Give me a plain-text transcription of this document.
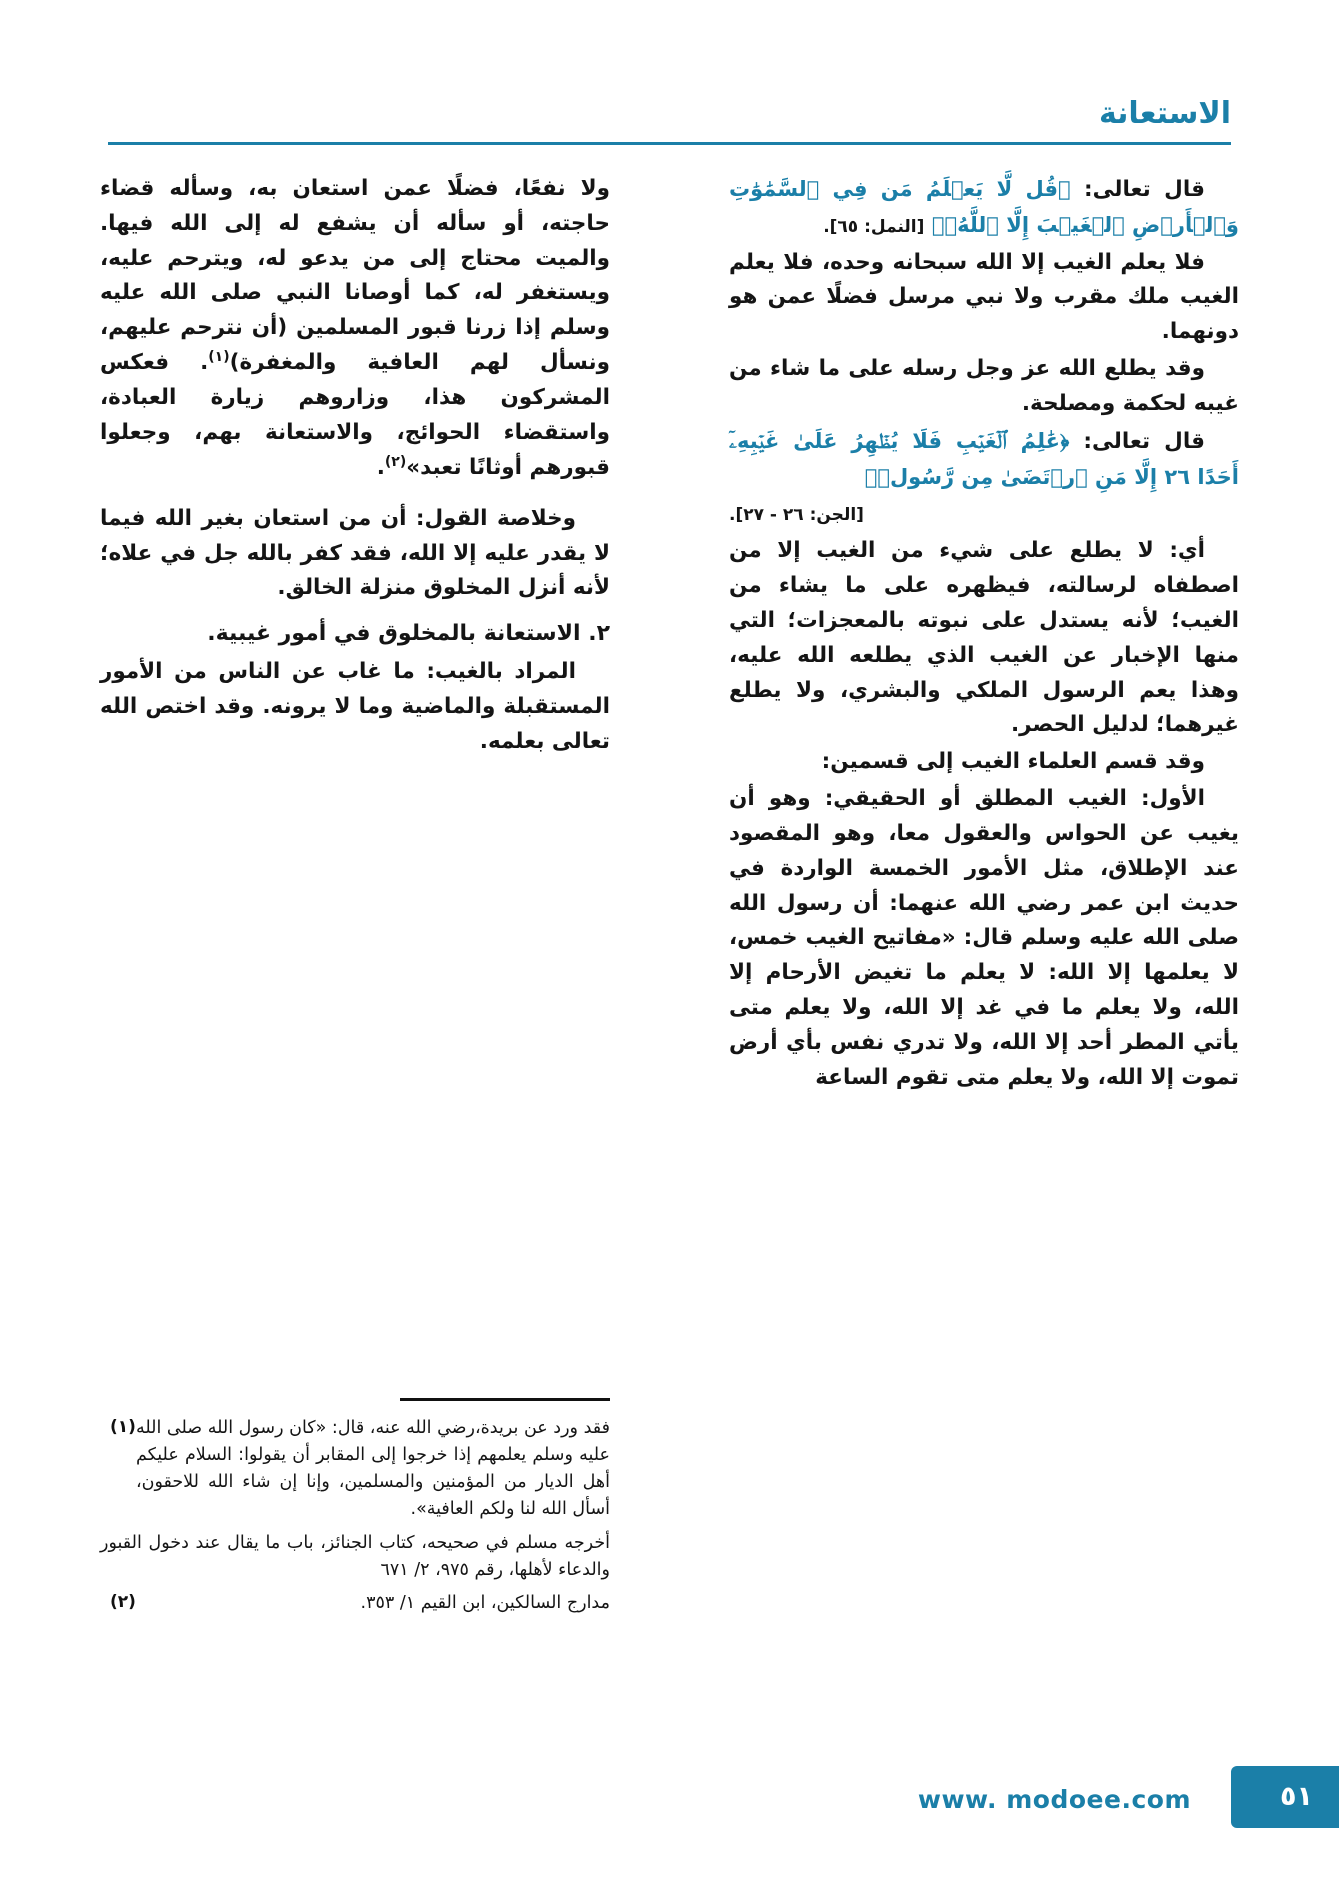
الاستعانة

قال تعالى: ﴿قُل لَّا يَعۡلَمُ مَن فِي ٱلسَّمَٰوَٰتِ وَٱلۡأَرۡضِ ٱلۡغَيۡبَ إِلَّا ٱللَّهُۚ﴾ [النمل: ٦٥].

فلا يعلم الغيب إلا الله سبحانه وحده، فلا يعلم الغيب ملك مقرب ولا نبي مرسل فضلًا عمن هو دونهما.

وقد يطلع الله عز وجل رسله على ما شاء من غيبه لحكمة ومصلحة.

قال تعالى: ﴿عَٰلِمُ ٱلۡغَيۡبِ فَلَا يُظۡهِرُ عَلَىٰ غَيۡبِهِۦٓ أَحَدًا ٢٦ إِلَّا مَنِ ٱرۡتَضَىٰ مِن رَّسُولٖ﴾

[الجن: ٢٦ - ٢٧].

أي: لا يطلع على شيء من الغيب إلا من اصطفاه لرسالته، فيظهره على ما يشاء من الغيب؛ لأنه يستدل على نبوته بالمعجزات؛ التي منها الإخبار عن الغيب الذي يطلعه الله عليه، وهذا يعم الرسول الملكي والبشري، ولا يطلع غيرهما؛ لدليل الحصر.

وقد قسم العلماء الغيب إلى قسمين:

الأول: الغيب المطلق أو الحقيقي: وهو أن يغيب عن الحواس والعقول معا، وهو المقصود عند الإطلاق، مثل الأمور الخمسة الواردة في حديث ابن عمر رضي الله عنهما: أن رسول الله صلى الله عليه وسلم قال: «مفاتيح الغيب خمس، لا يعلمها إلا الله: لا يعلم ما تغيض الأرحام إلا الله، ولا يعلم ما في غد إلا الله، ولا يعلم متى يأتي المطر أحد إلا الله، ولا تدري نفس بأي أرض تموت إلا الله، ولا يعلم متى تقوم الساعة

ولا نفعًا، فضلًا عمن استعان به، وسأله قضاء حاجته، أو سأله أن يشفع له إلى الله فيها. والميت محتاج إلى من يدعو له، ويترحم عليه، ويستغفر له، كما أوصانا النبي صلى الله عليه وسلم إذا زرنا قبور المسلمين (أن نترحم عليهم، ونسأل لهم العافية والمغفرة)$^{(١)}$. فعكس المشركون هذا، وزاروهم زيارة العبادة، واستقضاء الحوائج، والاستعانة بهم، وجعلوا قبورهم أوثانًا تعبد»$^{(٢)}$.

وخلاصة القول: أن من استعان بغير الله فيما لا يقدر عليه إلا الله، فقد كفر بالله جل في علاه؛ لأنه أنزل المخلوق منزلة الخالق.

٢. الاستعانة بالمخلوق في أمور غيبية.

المراد بالغيب: ما غاب عن الناس من الأمور المستقبلة والماضية وما لا يرونه. وقد اختص الله تعالى بعلمه.

(١) فقد ورد عن بريدة،رضي الله عنه، قال: «كان رسول الله صلى الله عليه وسلم يعلمهم إذا خرجوا إلى المقابر أن يقولوا: السلام عليكم أهل الديار من المؤمنين والمسلمين، وإنا إن شاء الله للاحقون، أسأل الله لنا ولكم العافية».
أخرجه مسلم في صحيحه، كتاب الجنائز، باب ما يقال عند دخول القبور والدعاء لأهلها، رقم ٩٧٥، ٢/ ٦٧١
(٢)	مدارج السالكين، ابن القيم ١/ ٣٥٣.
٥١
www. modoee.com
